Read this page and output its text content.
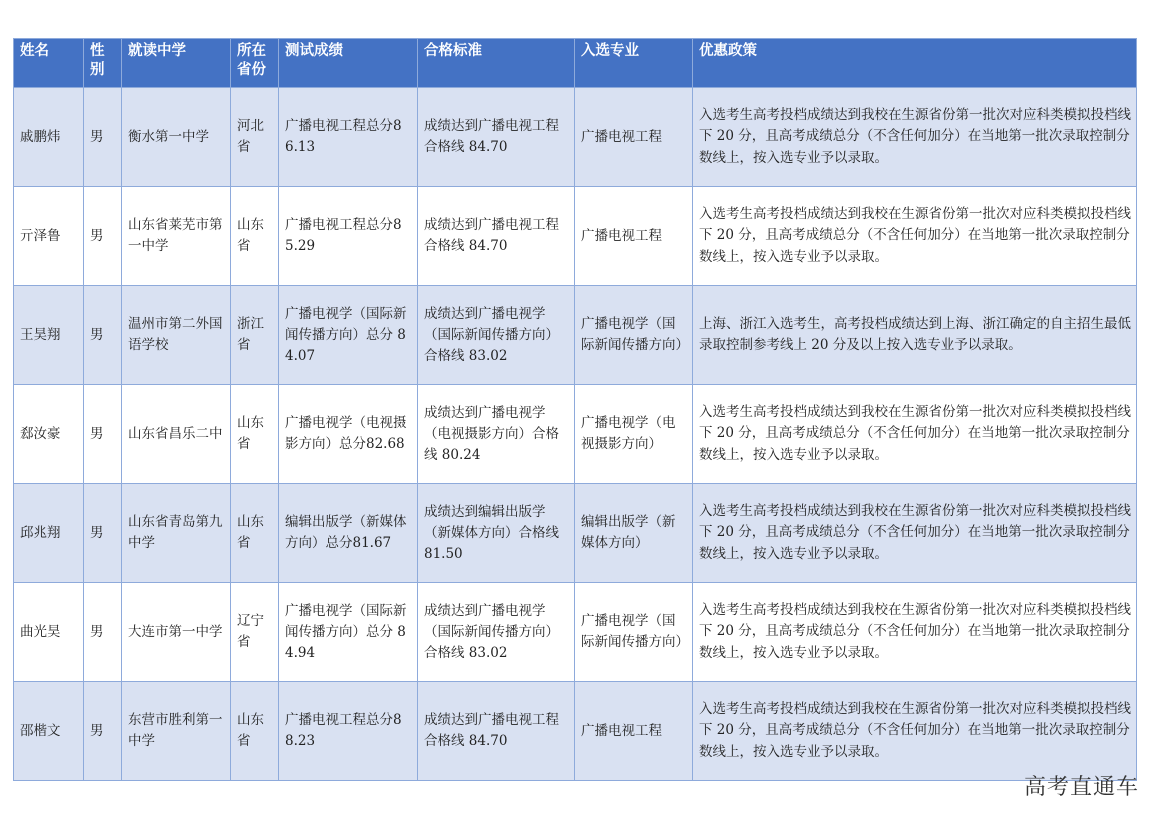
姓名	性别	就读中学	所在省份	测试成绩	合格标准	入选专业	优惠政策
戚鹏炜	男	衡水第一中学	河北省	广播电视工程总分86.13	成绩达到广播电视工程合格线 84.70	广播电视工程	入选考生高考投档成绩达到我校在生源省份第一批次对应科类模拟投档线下 20 分，且高考成绩总分（不含任何加分）在当地第一批次录取控制分数线上，按入选专业予以录取。
亓泽鲁	男	山东省莱芜市第一中学	山东省	广播电视工程总分85.29	成绩达到广播电视工程合格线 84.70	广播电视工程	入选考生高考投档成绩达到我校在生源省份第一批次对应科类模拟投档线下 20 分，且高考成绩总分（不含任何加分）在当地第一批次录取控制分数线上，按入选专业予以录取。
王昊翔	男	温州市第二外国语学校	浙江省	广播电视学（国际新闻传播方向）总分 84.07	成绩达到广播电视学（国际新闻传播方向）合格线 83.02	广播电视学（国际新闻传播方向）	上海、浙江入选考生，高考投档成绩达到上海、浙江确定的自主招生最低录取控制参考线上 20 分及以上按入选专业予以录取。
郄汝豪	男	山东省昌乐二中	山东省	广播电视学（电视摄影方向）总分82.68	成绩达到广播电视学（电视摄影方向）合格线 80.24	广播电视学（电视摄影方向）	入选考生高考投档成绩达到我校在生源省份第一批次对应科类模拟投档线下 20 分，且高考成绩总分（不含任何加分）在当地第一批次录取控制分数线上，按入选专业予以录取。
邱兆翔	男	山东省青岛第九中学	山东省	编辑出版学（新媒体方向）总分81.67	成绩达到编辑出版学（新媒体方向）合格线 81.50	编辑出版学（新媒体方向）	入选考生高考投档成绩达到我校在生源省份第一批次对应科类模拟投档线下 20 分，且高考成绩总分（不含任何加分）在当地第一批次录取控制分数线上，按入选专业予以录取。
曲光昊	男	大连市第一中学	辽宁省	广播电视学（国际新闻传播方向）总分 84.94	成绩达到广播电视学（国际新闻传播方向）合格线 83.02	广播电视学（国际新闻传播方向）	入选考生高考投档成绩达到我校在生源省份第一批次对应科类模拟投档线下 20 分，且高考成绩总分（不含任何加分）在当地第一批次录取控制分数线上，按入选专业予以录取。
邵楷文	男	东营市胜利第一中学	山东省	广播电视工程总分88.23	成绩达到广播电视工程合格线 84.70	广播电视工程	入选考生高考投档成绩达到我校在生源省份第一批次对应科类模拟投档线下 20 分，且高考成绩总分（不含任何加分）在当地第一批次录取控制分数线上，按入选专业予以录取。
高考直通车
